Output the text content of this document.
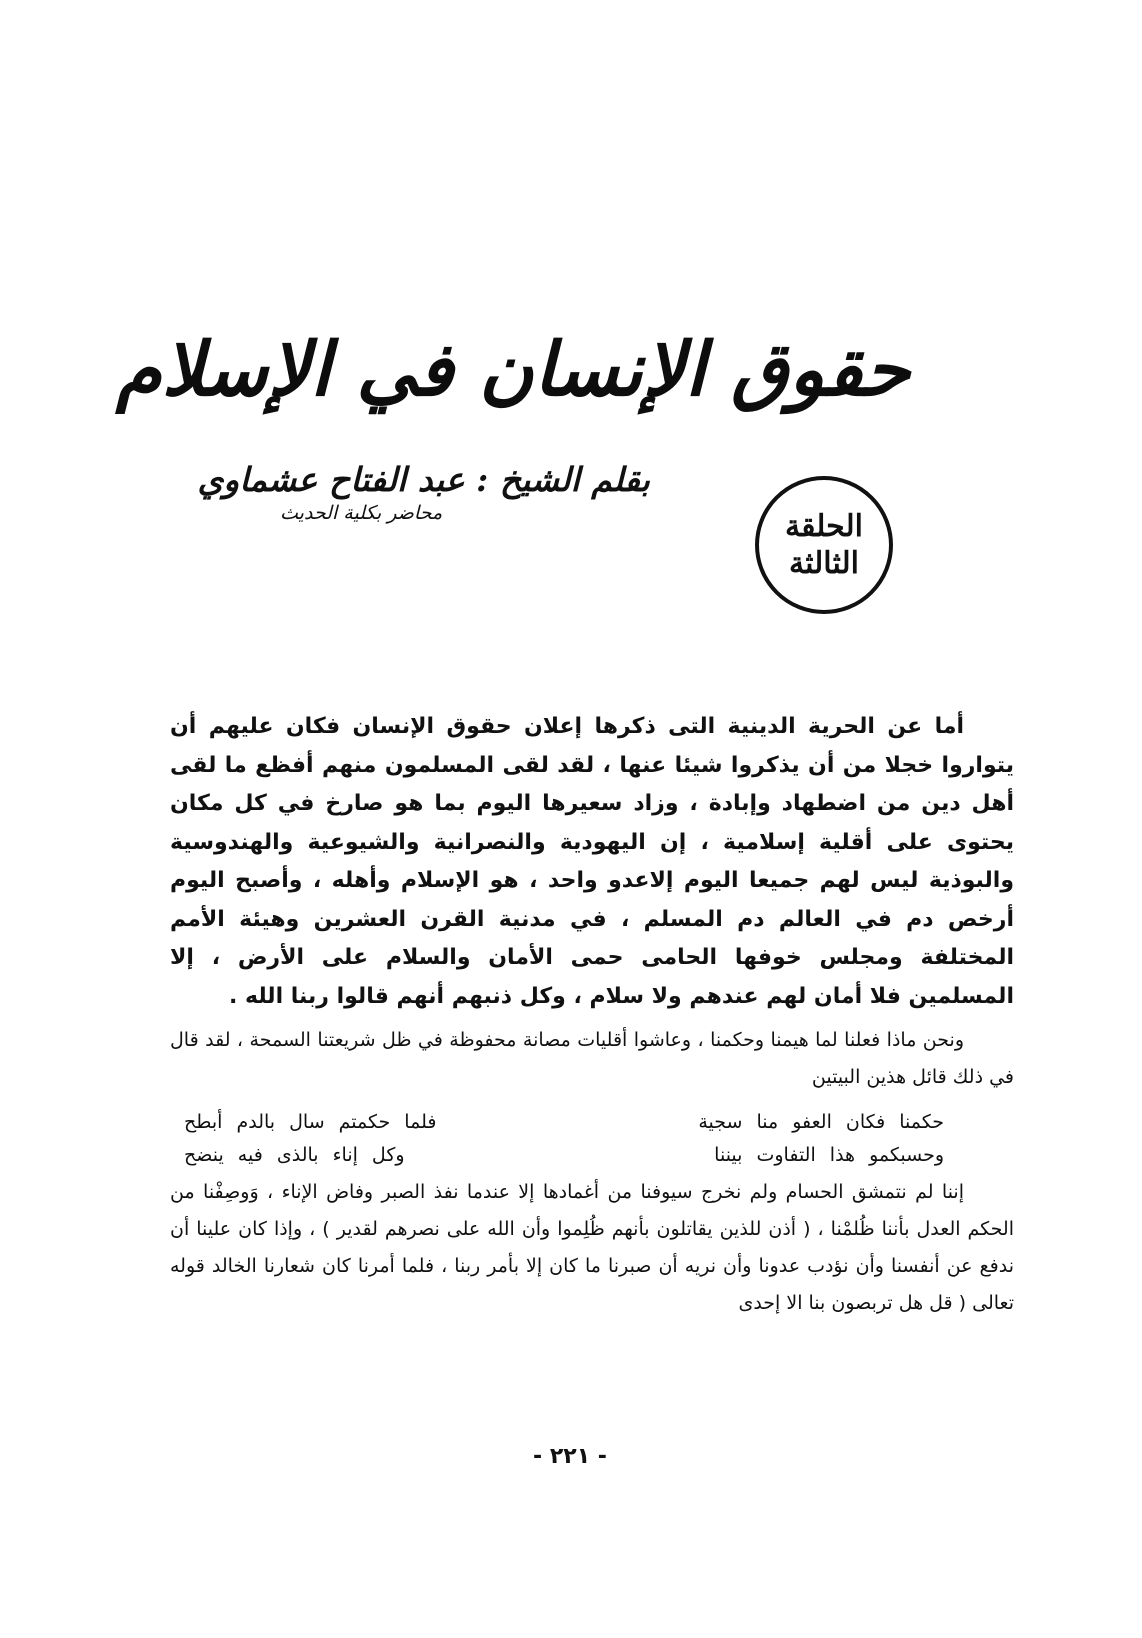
حقوق الإنسان في الإسلام
بقلم الشيخ : عبد الفتاح عشماوي
محاضر بكلية الحديث	الحلقة
الثالثة

أما عن الحرية الدينية التى ذكرها إعلان حقوق الإنسان فكان عليهم أن يتواروا خجلا من أن يذكروا شيئا عنها ، لقد لقى المسلمون منهم أفظع ما لقى أهل دين من اضطهاد وإبادة ، وزاد سعيرها اليوم بما هو صارخ في كل مكان يحتوى على أقلية إسلامية ، إن اليهودية والنصرانية والشيوعية والهندوسية والبوذية ليس لهم جميعا اليوم إلاعدو واحد ، هو الإسلام وأهله ، وأصبح اليوم أرخص دم في العالم دم المسلم ، في مدنية القرن العشرين وهيئة الأمم المختلفة ومجلس خوفها الحامى حمى الأمان والسلام على الأرض ، إلا المسلمين فلا أمان لهم عندهم ولا سلام ، وكل ذنبهم أنهم قالوا ربنا الله .

ونحن ماذا فعلنا لما هيمنا وحكمنا ، وعاشوا أقليات مصانة محفوظة في ظل شريعتنا السمحة ، لقد قال في ذلك قائل هذين البيتين

حكمنا فكان العفو منا سجية
فلما حكمتم سال بالدم أبطح
وحسبكمو هذا التفاوت بيننا
وكل إناء بالذى فيه ينضح

إننا لم نتمشق الحسام ولم نخرج سيوفنا من أغمادها إلا عندما نفذ الصبر وفاض الإناء ، وَوصِفْنا من الحكم العدل بأننا ظُلمْنا ، ( أذن للذين يقاتلون بأنهم ظُلِموا وأن الله على نصرهم لقدير ) ، وإذا كان علينا أن ندفع عن أنفسنا وأن نؤدب عدونا وأن نريه أن صبرنا ما كان إلا بأمر ربنا ، فلما أمرنا كان شعارنا الخالد قوله تعالى ( قل هل تربصون بنا الا إحدى

- ٢٢١ -
